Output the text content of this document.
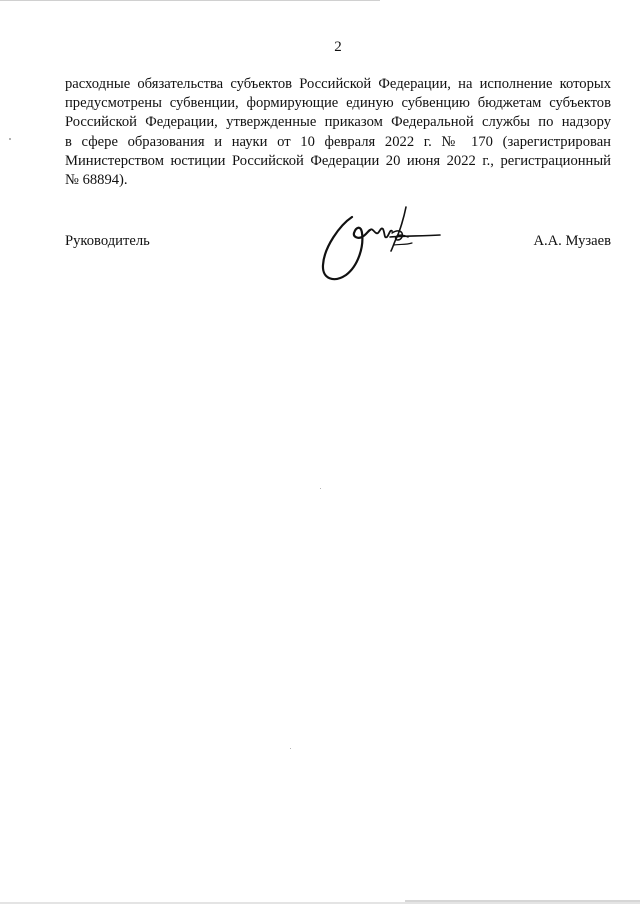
2

расходные обязательства субъектов Российской Федерации, на исполнение которых
предусмотрены субвенции, формирующие единую субвенцию бюджетам субъектов
Российской Федерации, утвержденные приказом Федеральной службы по надзору
в сфере образования и науки от 10 февраля 2022 г. № 170 (зарегистрирован
Министерством юстиции Российской Федерации 20 июня 2022 г., регистрационный
№ 68894).

Руководитель	А.А. Музаев
